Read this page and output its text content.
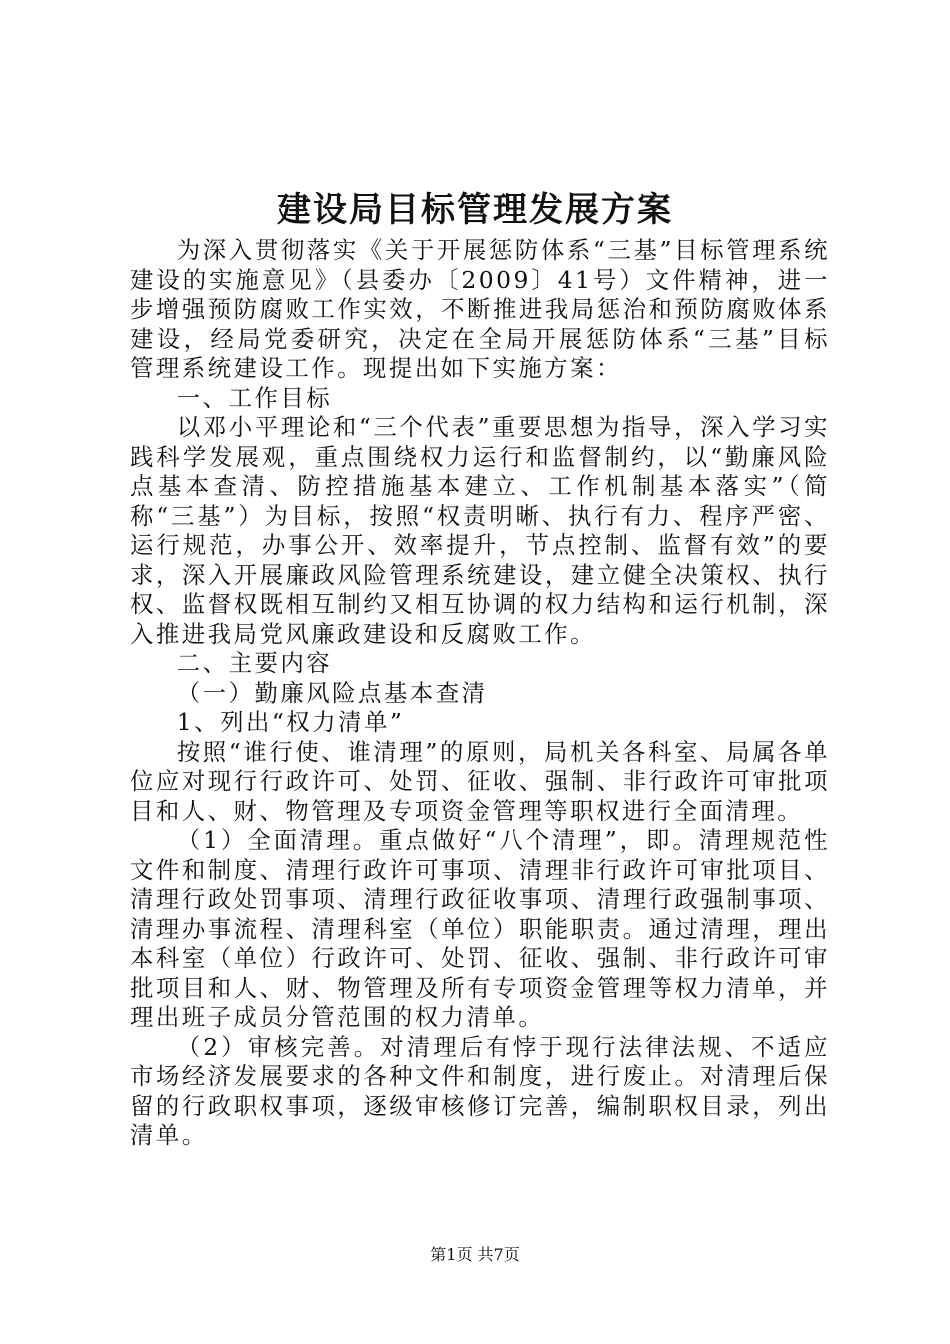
建设局目标管理发展方案

为深入贯彻落实《关于开展惩防体系“三基”目标管理系统建设的实施意见》（县委办〔2009〕41号）文件精神，进一步增强预防腐败工作实效，不断推进我局惩治和预防腐败体系建设，经局党委研究，决定在全局开展惩防体系“三基”目标管理系统建设工作。现提出如下实施方案：

一、工作目标

以邓小平理论和“三个代表”重要思想为指导，深入学习实践科学发展观，重点围绕权力运行和监督制约，以“勤廉风险点基本查清、防控措施基本建立、工作机制基本落实”（简称“三基”）为目标，按照“权责明晰、执行有力、程序严密、运行规范，办事公开、效率提升，节点控制、监督有效”的要求，深入开展廉政风险管理系统建设，建立健全决策权、执行权、监督权既相互制约又相互协调的权力结构和运行机制，深入推进我局党风廉政建设和反腐败工作。

二、主要内容

（一）勤廉风险点基本查清

1、列出“权力清单”

按照“谁行使、谁清理”的原则，局机关各科室、局属各单位应对现行行政许可、处罚、征收、强制、非行政许可审批项目和人、财、物管理及专项资金管理等职权进行全面清理。

（1）全面清理。重点做好“八个清理”，即。清理规范性文件和制度、清理行政许可事项、清理非行政许可审批项目、清理行政处罚事项、清理行政征收事项、清理行政强制事项、清理办事流程、清理科室（单位）职能职责。通过清理，理出本科室（单位）行政许可、处罚、征收、强制、非行政许可审批项目和人、财、物管理及所有专项资金管理等权力清单，并理出班子成员分管范围的权力清单。

（2）审核完善。对清理后有悖于现行法律法规、不适应市场经济发展要求的各种文件和制度，进行废止。对清理后保留的行政职权事项，逐级审核修订完善，编制职权目录，列出清单。

第1页 共7页
